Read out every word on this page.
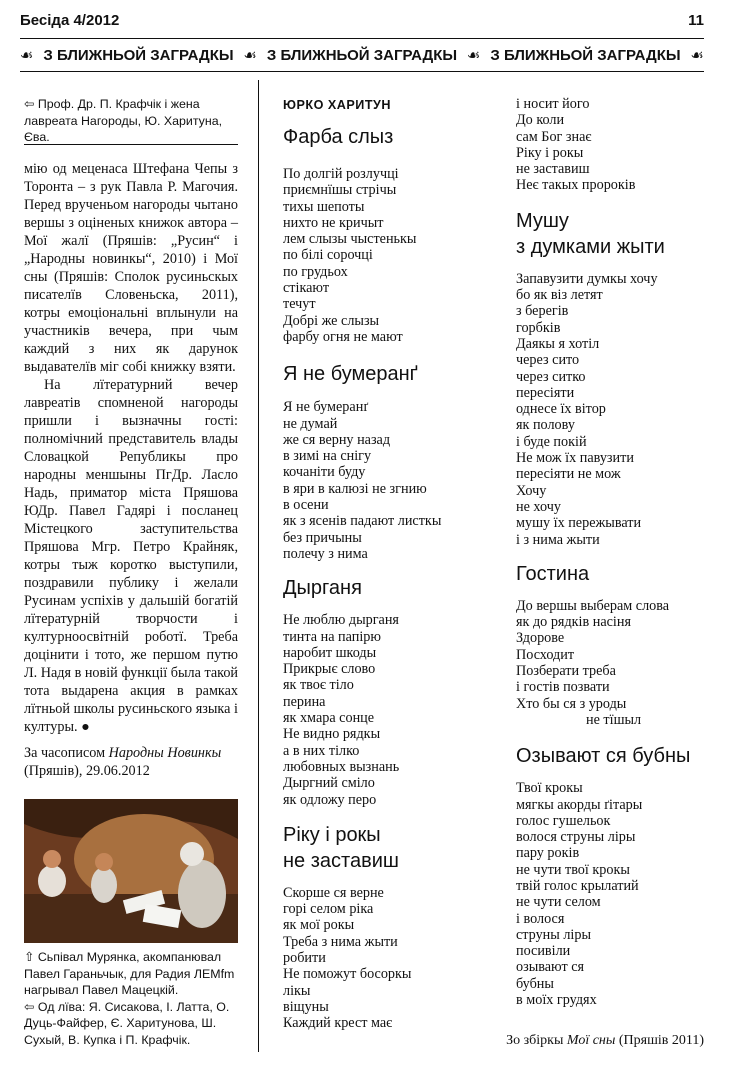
Бесіда 4/2012	11
☙ З БЛИЖНЬОЙ ЗАГРАДКЫ ☙ З БЛИЖНЬОЙ ЗАГРАДКЫ ☙ З БЛИЖНЬОЙ ЗАГРАДКЫ ☙
⇦ Проф. Др. П. Крафчік і жена лавреата Нагороды, Ю. Харитуна, Єва.

мію од меценаса Штефана Чепы з Торонта – з рук Павла Р. Магочия. Перед врученьом нагороды чытано вершы з оціненых книжок автора – Мої жалї (Пряшів: „Русин“ і „Народны новинкы“, 2010) і Мої сны (Пряшів: Сполок русиньскых писателїв Словеньска, 2011), котры емоціональні вплынули на участників вечера, при чым каждий з них як дарунок выдавателїв міг собі книжку взяти.

На лїтературний вечер лавреатів спомненой нагороды пришли і вызначны гості: полномічний представитель влады Словацкой Републикы про народны меншыны ПгДр. Ласло Надь, приматор міста Пряшова ЮДр. Павел Гадярі і посланец Містецкого заступительства Пряшова Мгр. Петро Крайняк, котры тыж коротко выступили, поздравили публику і желали Русинам успіхів у дальшій богатій лїтературній творчости і културноосвітній роботї. Треба доцінити і тото, же першом путю Л. Надя в новій функції была такой тота выдарена акция в рамках лїтньой школы русиньского языка і културы. ●

За часописом Народны Новинкы
(Пряшів), 29.06.2012
⇧ Сьпівал Мурянка, акомпанювал Павел Гараньчык, для Радия ЛЕМfm нагрывал Павел Мацецкій.
⇦ Од лїва: Я. Сисакова, І. Латта, О. Дуць-Файфер, Є. Харитунова, Ш. Сухый, В. Купка і П. Крафчік.
ЮРКО ХАРИТУН
Фарба слыз
По долгій розлучці
приємнїшы стрічы
тихы шепоты
нихто не кричыт
лем слызы чыстенькы
по білі сорочці
по грудьох
стікают
течут
Добрі же слызы
фарбу огня не мают
Я не бумеранґ
Я не бумеранґ
не думай
же ся верну назад
в зимі на снігу
кочаніти буду
в яри в калюзі не згнию
в осени
як з ясенів падают листкы
без причыны
полечу з нима
Дырганя
Не люблю дырганя
тинта на папірю
наробит шкоды
Прикрыє слово
як твоє тіло
перина
як хмара сонце
Не видно рядкы
а в них тілко
любовных вызнань
Дыргний сміло
як одложу перо
Ріку і рокы
не заставиш
Скорше ся верне
горі селом ріка
як мої рокы
Треба з нима жыти
робити
Не поможут босоркы
лікы
віщуны
Каждий крест має
і носит його
До коли
сам Бог знає
Ріку і рокы
не заставиш
Неє такых пророків
Мушу
з думками жыти
Запавузити думкы хочу
бо як віз летят
з берегів
горбків
Даякы я хотіл
через сито
через ситко
пересіяти
однесе їх вітор
як полову
і буде покій
Не мож їх павузити
пересіяти не мож
Хочу
не хочу
мушу їх пережывати
і з нима жыти
Гостина
До вершы выберам слова
як до рядків насіня
Здорове
Посходит
Позберати треба
і гостів позвати
Хто бы ся з уроды
не тїшыл
Озывают ся бубны
Твої крокы
мягкы акорды ґітары
голос гушельок
волося струны ліры
пару років
не чути твої крокы
твій голос крылатий
не чути селом
і волося
струны ліры
посивіли
озывают ся
бубны
в моїх грудях
Зо збіркы Мої сны (Пряшів 2011)
